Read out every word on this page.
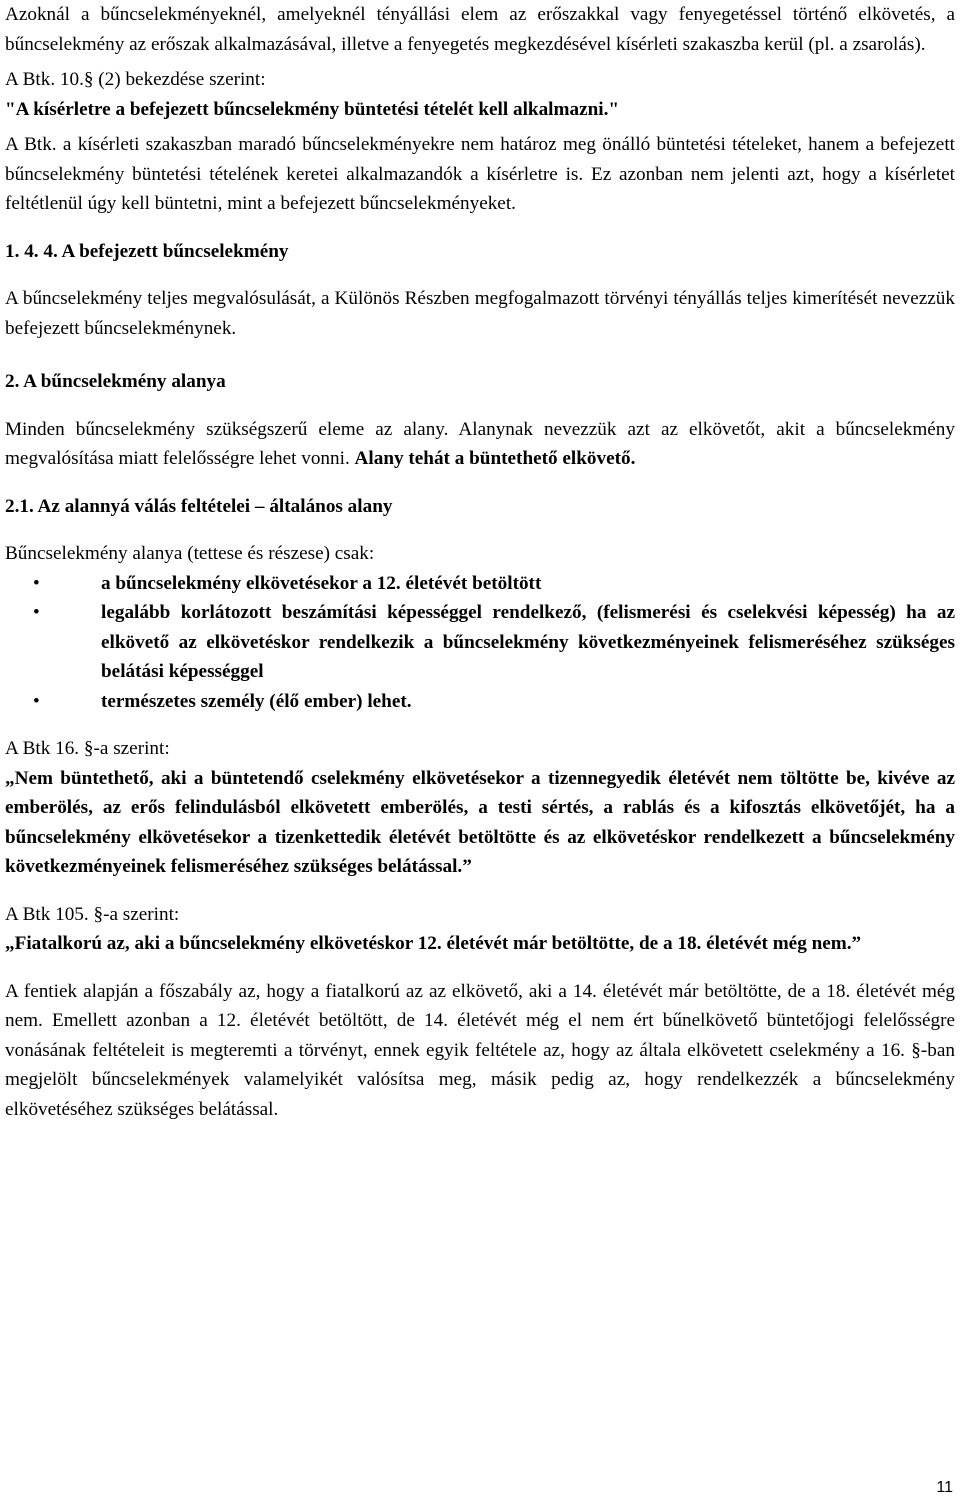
Azoknál a bűncselekményeknél, amelyeknél tényállási elem az erőszakkal vagy fenyegetéssel történő elkövetés, a bűncselekmény az erőszak alkalmazásával, illetve a fenyegetés megkezdésével kísérleti szakaszba kerül (pl. a zsarolás).

A Btk. 10.§ (2) bekezdése szerint:

"A kísérletre a befejezett bűncselekmény büntetési tételét kell alkalmazni."

A Btk. a kísérleti szakaszban maradó bűncselekményekre nem határoz meg önálló büntetési tételeket, hanem a befejezett bűncselekmény büntetési tételének keretei alkalmazandók a kísérletre is. Ez azonban nem jelenti azt, hogy a kísérletet feltétlenül úgy kell büntetni, mint a befejezett bűncselekményeket.

1. 4. 4. A befejezett bűncselekmény

A bűncselekmény teljes megvalósulását, a Különös Részben megfogalmazott törvényi tényállás teljes kimerítését nevezzük befejezett bűncselekménynek.

2. A bűncselekmény alanya

Minden bűncselekmény szükségszerű eleme az alany. Alanynak nevezzük azt az elkövetőt, akit a bűncselekmény megvalósítása miatt felelősségre lehet vonni. Alany tehát a büntethető elkövető.

2.1. Az alannyá válás feltételei – általános alany

Bűncselekmény alanya (tettese és részese) csak:

•	a bűncselekmény elkövetésekor a 12. életévét betöltött
•	legalább korlátozott beszámítási képességgel rendelkező, (felismerési és cselekvési képesség) ha az elkövető az elkövetéskor rendelkezik a bűncselekmény következményeinek felismeréséhez szükséges belátási képességgel
•	természetes személy (élő ember) lehet.

A Btk 16. §-a szerint:

„Nem büntethető, aki a büntetendő cselekmény elkövetésekor a tizennegyedik életévét nem töltötte be, kivéve az emberölés, az erős felindulásból elkövetett emberölés, a testi sértés, a rablás és a kifosztás elkövetőjét, ha a bűncselekmény elkövetésekor a tizenkettedik életévét betöltötte és az elkövetéskor rendelkezett a bűncselekmény következményeinek felismeréséhez szükséges belátással.”

A Btk 105. §-a szerint:

„Fiatalkorú az, aki a bűncselekmény elkövetéskor 12. életévét már betöltötte, de a 18. életévét még nem.”

A fentiek alapján a főszabály az, hogy a fiatalkorú az az elkövető, aki a 14. életévét már betöltötte, de a 18. életévét még nem. Emellett azonban a 12. életévét betöltött, de 14. életévét még el nem ért bűnelkövető büntetőjogi felelősségre vonásának feltételeit is megteremti a törvényt, ennek egyik feltétele az, hogy az általa elkövetett cselekmény a 16. §-ban megjelölt bűncselekmények valamelyikét valósítsa meg, másik pedig az, hogy rendelkezzék a bűncselekmény elkövetéséhez szükséges belátással.

11
